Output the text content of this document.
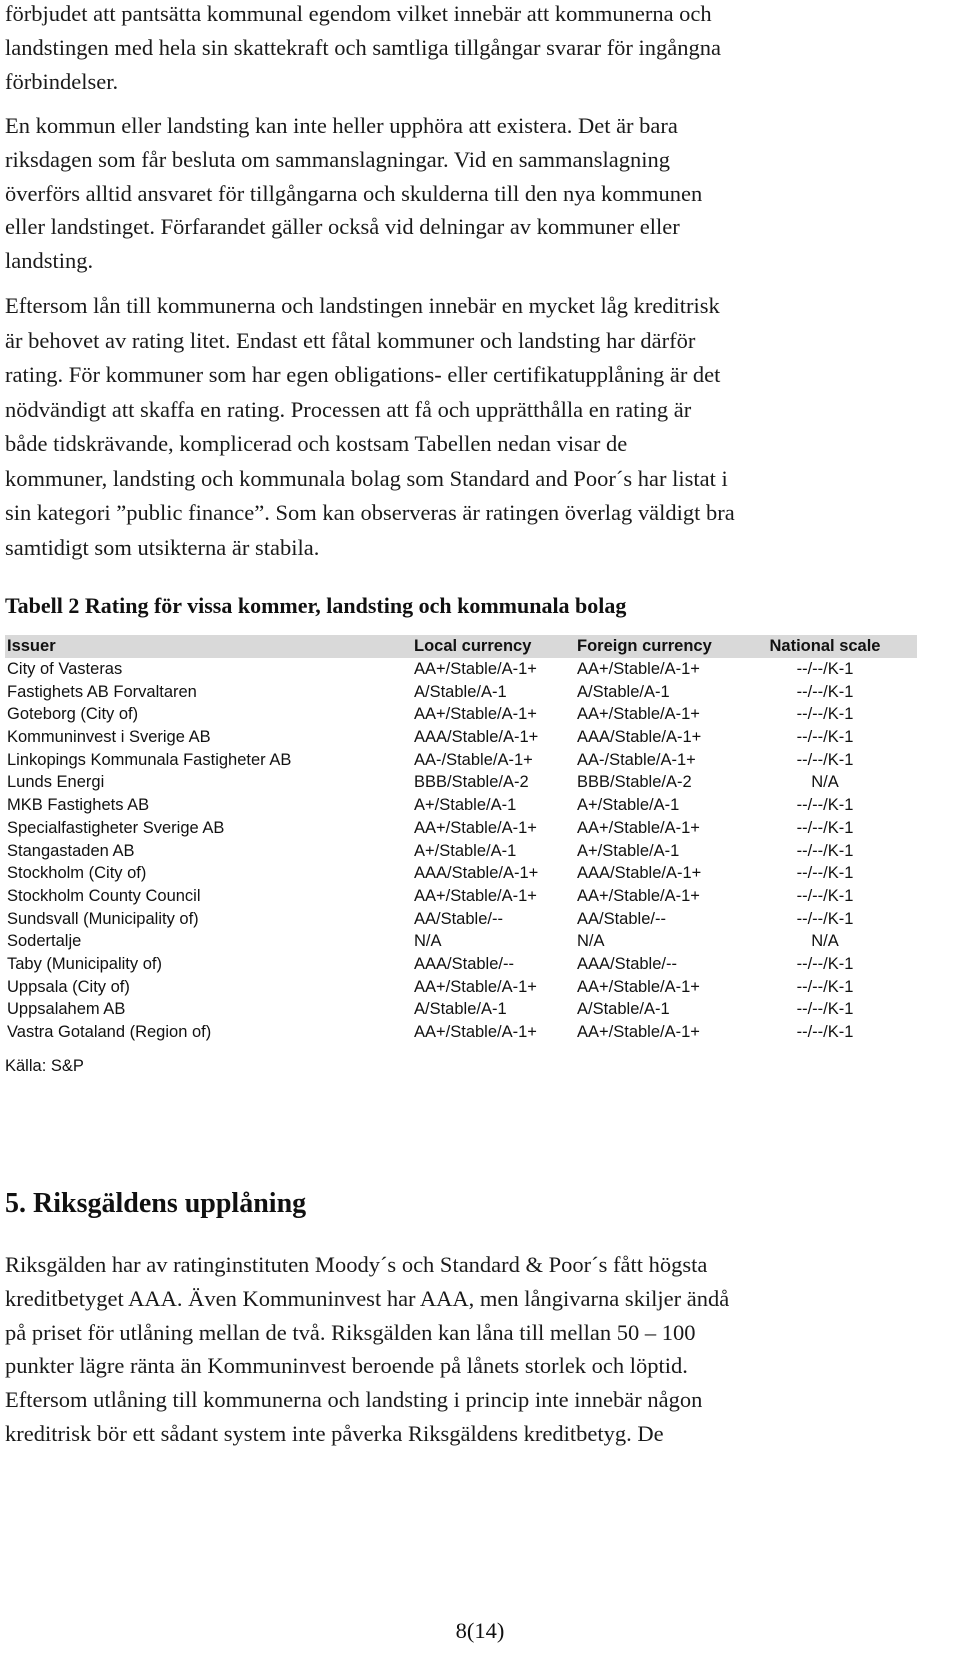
förbjudet att pantsätta kommunal egendom vilket innebär att kommunerna och
landstingen med hela sin skattekraft och samtliga tillgångar svarar för ingångna
förbindelser.

En kommun eller landsting kan inte heller upphöra att existera. Det är bara
riksdagen som får besluta om sammanslagningar. Vid en sammanslagning
överförs alltid ansvaret för tillgångarna och skulderna till den nya kommunen
eller landstinget. Förfarandet gäller också vid delningar av kommuner eller
landsting.

Eftersom lån till kommunerna och landstingen innebär en mycket låg kreditrisk
är behovet av rating litet. Endast ett fåtal kommuner och landsting har därför
rating. För kommuner som har egen obligations- eller certifikatupplåning är det
nödvändigt att skaffa en rating. Processen att få och upprätthålla en rating är
både tidskrävande, komplicerad och kostsam Tabellen nedan visar de
kommuner, landsting och kommunala bolag som Standard and Poor´s har listat i
sin kategori ”public finance”. Som kan observeras är ratingen överlag väldigt bra
samtidigt som utsikterna är stabila.

Tabell 2 Rating för vissa kommer, landsting och kommunala bolag
Issuer	Local currency	Foreign currency	National scale
City of Vasteras	AA+/Stable/A-1+ AA+/Stable/A-1+	--/--/K-1
Fastighets AB Forvaltaren	A/Stable/A-1	A/Stable/A-1	--/--/K-1
Goteborg (City of)	AA+/Stable/A-1+ AA+/Stable/A-1+	--/--/K-1
Kommuninvest i Sverige AB	AAA/Stable/A-1+ AAA/Stable/A-1+	--/--/K-1
Linkopings Kommunala Fastigheter AB	AA-/Stable/A-1+	AA-/Stable/A-1+	--/--/K-1
Lunds Energi	BBB/Stable/A-2	BBB/Stable/A-2	N/A
MKB Fastighets AB	A+/Stable/A-1	A+/Stable/A-1	--/--/K-1
Specialfastigheter Sverige AB	AA+/Stable/A-1+ AA+/Stable/A-1+	--/--/K-1
Stangastaden AB	A+/Stable/A-1	A+/Stable/A-1	--/--/K-1
Stockholm (City of)	AAA/Stable/A-1+ AAA/Stable/A-1+	--/--/K-1
Stockholm County Council	AA+/Stable/A-1+ AA+/Stable/A-1+	--/--/K-1
Sundsvall (Municipality of)	AA/Stable/--	AA/Stable/--	--/--/K-1
Sodertalje	N/A	N/A	N/A
Taby (Municipality of)	AAA/Stable/--	AAA/Stable/--	--/--/K-1
Uppsala (City of)	AA+/Stable/A-1+ AA+/Stable/A-1+	--/--/K-1
Uppsalahem AB	A/Stable/A-1	A/Stable/A-1	--/--/K-1
Vastra Gotaland (Region of)	AA+/Stable/A-1+ AA+/Stable/A-1+	--/--/K-1
Källa: S&P
5. Riksgäldens upplåning

Riksgälden har av ratinginstituten Moody´s och Standard & Poor´s fått högsta
kreditbetyget AAA. Även Kommuninvest har AAA, men långivarna skiljer ändå
på priset för utlåning mellan de två. Riksgälden kan låna till mellan 50 – 100
punkter lägre ränta än Kommuninvest beroende på lånets storlek och löptid.
Eftersom utlåning till kommunerna och landsting i princip inte innebär någon
kreditrisk bör ett sådant system inte påverka Riksgäldens kreditbetyg. De

8(14)
